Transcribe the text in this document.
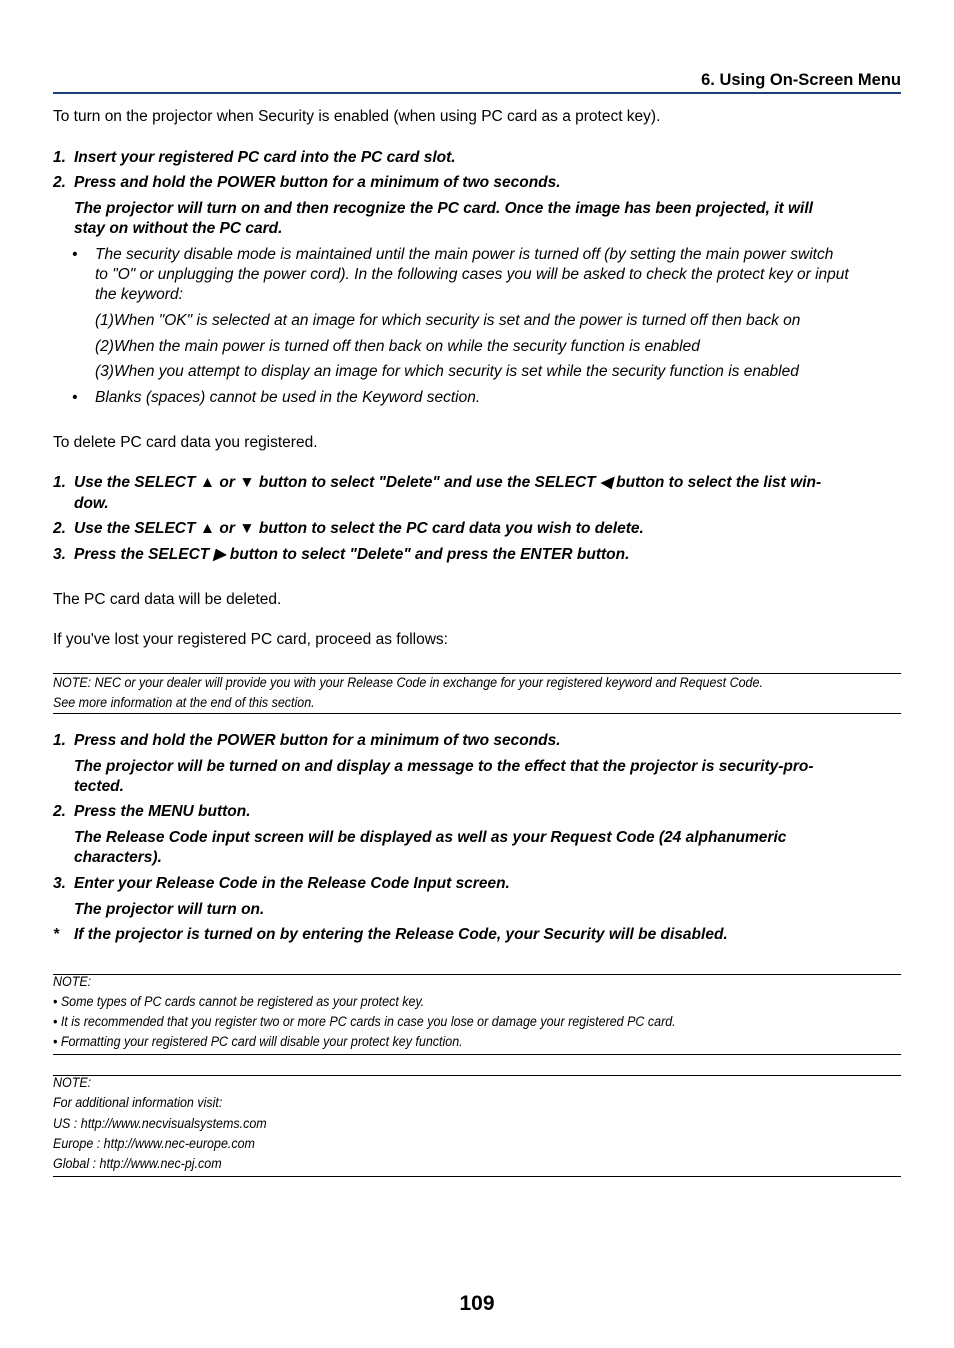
6. Using On-Screen Menu
To turn on the projector when Security is enabled (when using PC card as a protect key).
1. Insert your registered PC card into the PC card slot.
2. Press and hold the POWER button for a minimum of two seconds.
The projector will turn on and then recognize the PC card. Once the image has been projected, it will
stay on without the PC card.
• The security disable mode is maintained until the main power is turned off (by setting the main power switch
to "O" or unplugging the power cord). In the following cases you will be asked to check the protect key or input
the keyword:
(1)When "OK" is selected at an image for which security is set and the power is turned off then back on
(2)When the main power is turned off then back on while the security function is enabled
(3)When you attempt to display an image for which security is set while the security function is enabled
• Blanks (spaces) cannot be used in the Keyword section.
To delete PC card data you registered.
1. Use the SELECT ▲ or ▼ button to select "Delete" and use the SELECT ◀ button to select the list win-
dow.
2. Use the SELECT ▲ or ▼ button to select the PC card data you wish to delete.
3. Press the SELECT ▶ button to select "Delete" and press the ENTER button.
The PC card data will be deleted.
If you've lost your registered PC card, proceed as follows:
NOTE: NEC or your dealer will provide you with your Release Code in exchange for your registered keyword and Request Code.
See more information at the end of this section.
1. Press and hold the POWER button for a minimum of two seconds.
The projector will be turned on and display a message to the effect that the projector is security-pro-
tected.
2. Press the MENU button.
The Release Code input screen will be displayed as well as your Request Code (24 alphanumeric
characters).
3. Enter your Release Code in the Release Code Input screen.
The projector will turn on.
* If the projector is turned on by entering the Release Code, your Security will be disabled.
NOTE:
• Some types of PC cards cannot be registered as your protect key.
• It is recommended that you register two or more PC cards in case you lose or damage your registered PC card.
• Formatting your registered PC card will disable your protect key function.
NOTE:
For additional information visit:
US : http://www.necvisualsystems.com
Europe : http://www.nec-europe.com
Global : http://www.nec-pj.com
109
